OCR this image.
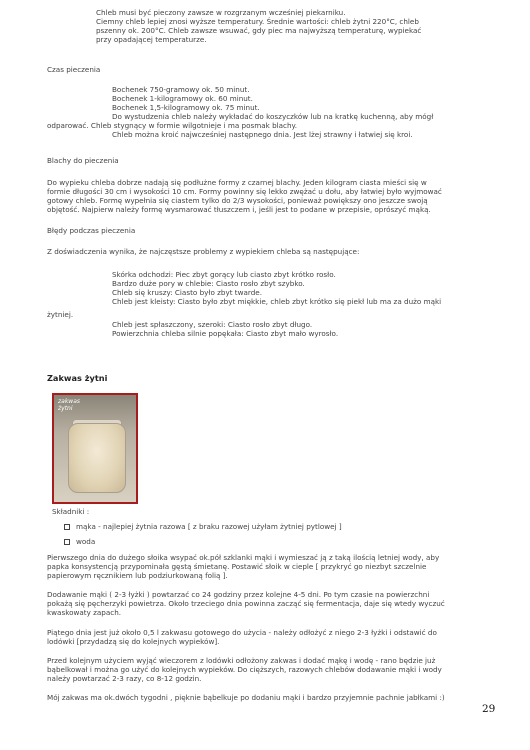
Chleb musi być pieczony zawsze w rozgrzanym wcześniej piekarniku.
Ciemny chleb lepiej znosi wyższe temperatury. Średnie wartości: chleb żytni 220°C, chleb
pszenny ok. 200°C. Chleb zawsze wsuwać, gdy piec ma najwyższą temperaturę, wypiekać
przy opadającej temperaturze.
Czas pieczenia
Bochenek 750-gramowy ok. 50 minut.
Bochenek 1-kilogramowy ok. 60 minut.
Bochenek 1,5-kilogramowy ok. 75 minut.
Do wystudzenia chleb należy wykładać do koszyczków lub na kratkę kuchenną, aby mógł
odparować. Chleb stygnący w formie wilgotnieje i ma posmak blachy.
Chleb można kroić najwcześniej następnego dnia. Jest lżej strawny i łatwiej się kroi.
Blachy do pieczenia
Do wypieku chleba dobrze nadają się podłużne formy z czarnej blachy. Jeden kilogram ciasta mieści się w
formie długości 30 cm i wysokości 10 cm. Formy powinny się lekko zwężać u dołu, aby łatwiej było wyjmować
gotowy chleb. Formę wypełnia się ciastem tylko do 2/3 wysokości, ponieważ powiększy ono jeszcze swoją
objętość. Najpierw należy formę wysmarować tłuszczem i, jeśli jest to podane w przepisie, oprószyć mąką.
Błędy podczas pieczenia
Z doświadczenia wynika, że najczęstsze problemy z wypiekiem chleba są następujące:
Skórka odchodzi: Piec zbyt gorący lub ciasto zbyt krótko rosło.
Bardzo duże pory w chlebie: Ciasto rosło zbyt szybko.
Chleb się kruszy: Ciasto było zbyt twarde.
Chleb jest kleisty: Ciasto było zbyt miękkie, chleb zbyt krótko się piekł lub ma za dużo mąki
żytniej.
Chleb jest spłaszczony, szeroki: Ciasto rosło zbyt długo.
Powierzchnia chleba silnie popękała: Ciasto zbyt mało wyrosło.
Zakwas żytni
zakwas
żytni
Składniki :
mąka - najlepiej żytnia razowa [ z braku razowej użyłam żytniej pytlowej ]
woda
Pierwszego dnia do dużego słoika wsypać ok.pół szklanki mąki i wymieszać ją z taką ilością letniej wody, aby
papka konsystencją przypominała gęstą śmietanę. Postawić słoik w cieple [ przykryć go niezbyt szczelnie
papierowym ręcznikiem lub podziurkowaną folią ].
Dodawanie mąki ( 2-3 łyżki ) powtarzać co 24 godziny przez kolejne 4-5 dni. Po tym czasie na powierzchni
pokażą się pęcherzyki powietrza. Około trzeciego dnia powinna zacząć się fermentacja, daje się wtedy wyczuć
kwaskowaty zapach.
Piątego dnia jest już około 0,5 l zakwasu gotowego do użycia - należy odłożyć z niego 2-3 łyżki i odstawić do
lodówki [przydadzą się do kolejnych wypieków].
Przed kolejnym użyciem wyjąć wieczorem z lodówki odłożony zakwas i dodać mąkę i wodę - rano będzie już
bąbelkował i można go użyć do kolejnych wypieków. Do cięższych, razowych chlebów dodawanie mąki i wody
należy powtarzać 2-3 razy, co 8-12 godzin.
Mój zakwas ma ok.dwóch tygodni , pięknie bąbelkuje po dodaniu mąki i bardzo przyjemnie pachnie jabłkami :)
29
